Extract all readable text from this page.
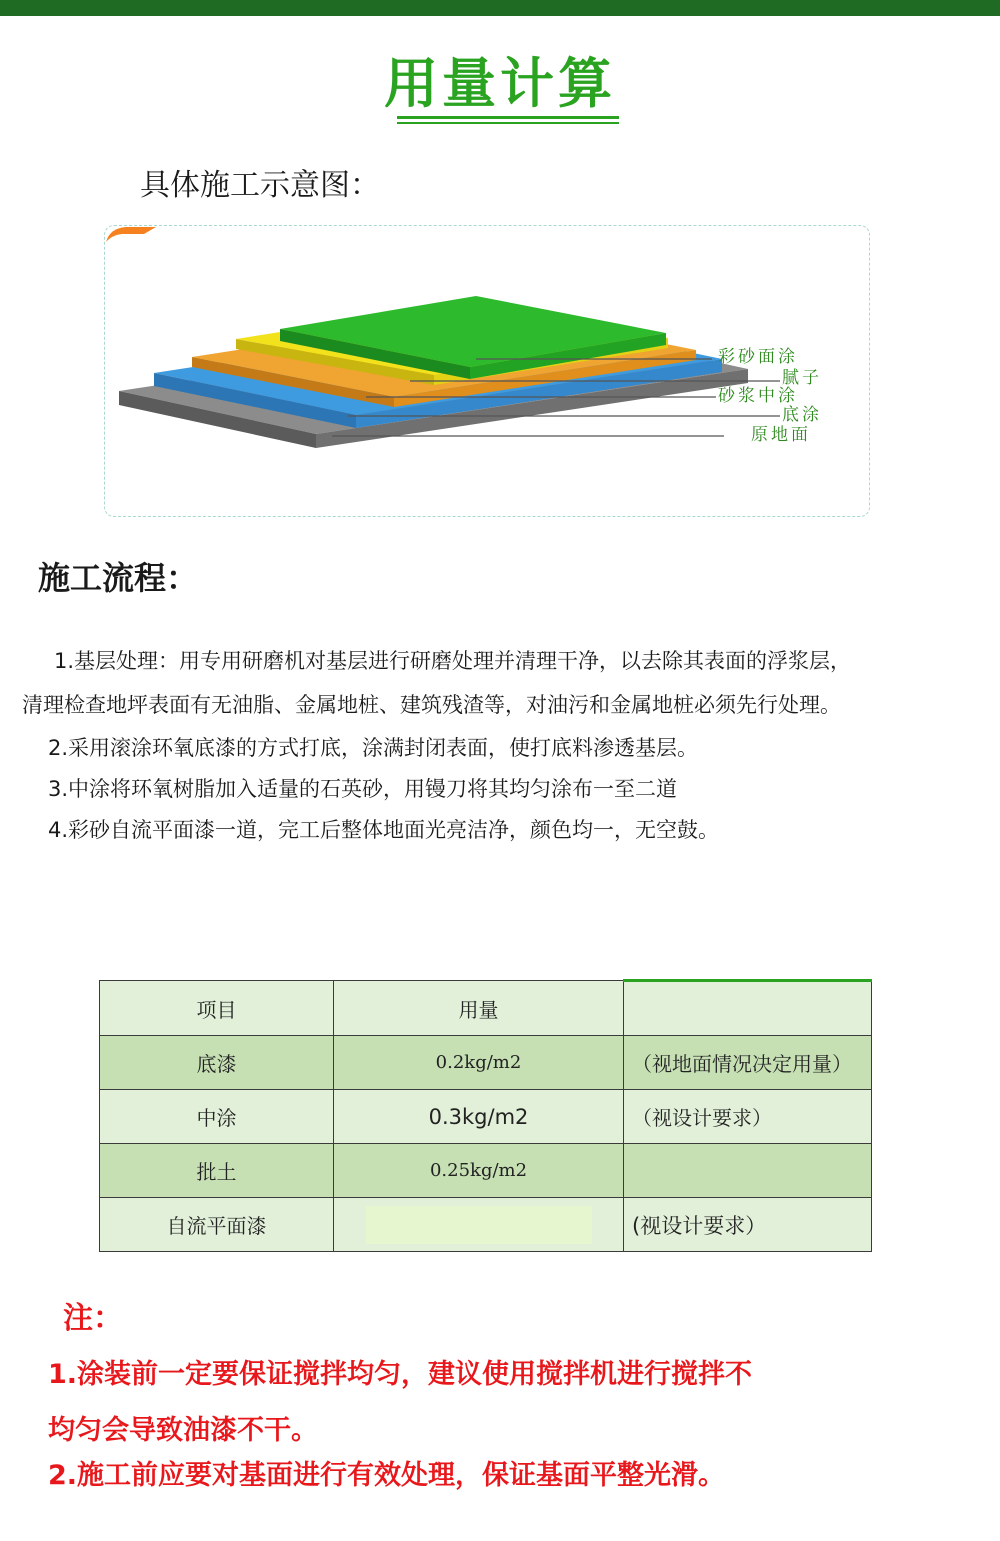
用量计算
具体施工示意图：
彩砂面涂
腻子
砂浆中涂
底涂
原地面
施工流程：
1.基层处理：用专用研磨机对基层进行研磨处理并清理干净，以去除其表面的浮浆层，
清理检查地坪表面有无油脂、金属地桩、建筑残渣等，对油污和金属地桩必须先行处理。
2.采用滚涂环氧底漆的方式打底，涂满封闭表面，使打底料渗透基层。
3.中涂将环氧树脂加入适量的石英砂，用镘刀将其均匀涂布一至二道
4.彩砂自流平面漆一道，完工后整体地面光亮洁净，颜色均一，无空鼓。
项目	用量	
底漆	0.2kg/m2	（视地面情况决定用量）
中涂	0.3kg/m2	（视设计要求）
批土	0.25kg/m2	
自流平面漆		(视设计要求）
注：
1.涂装前一定要保证搅拌均匀，建议使用搅拌机进行搅拌不
均匀会导致油漆不干。
2.施工前应要对基面进行有效处理，保证基面平整光滑。
